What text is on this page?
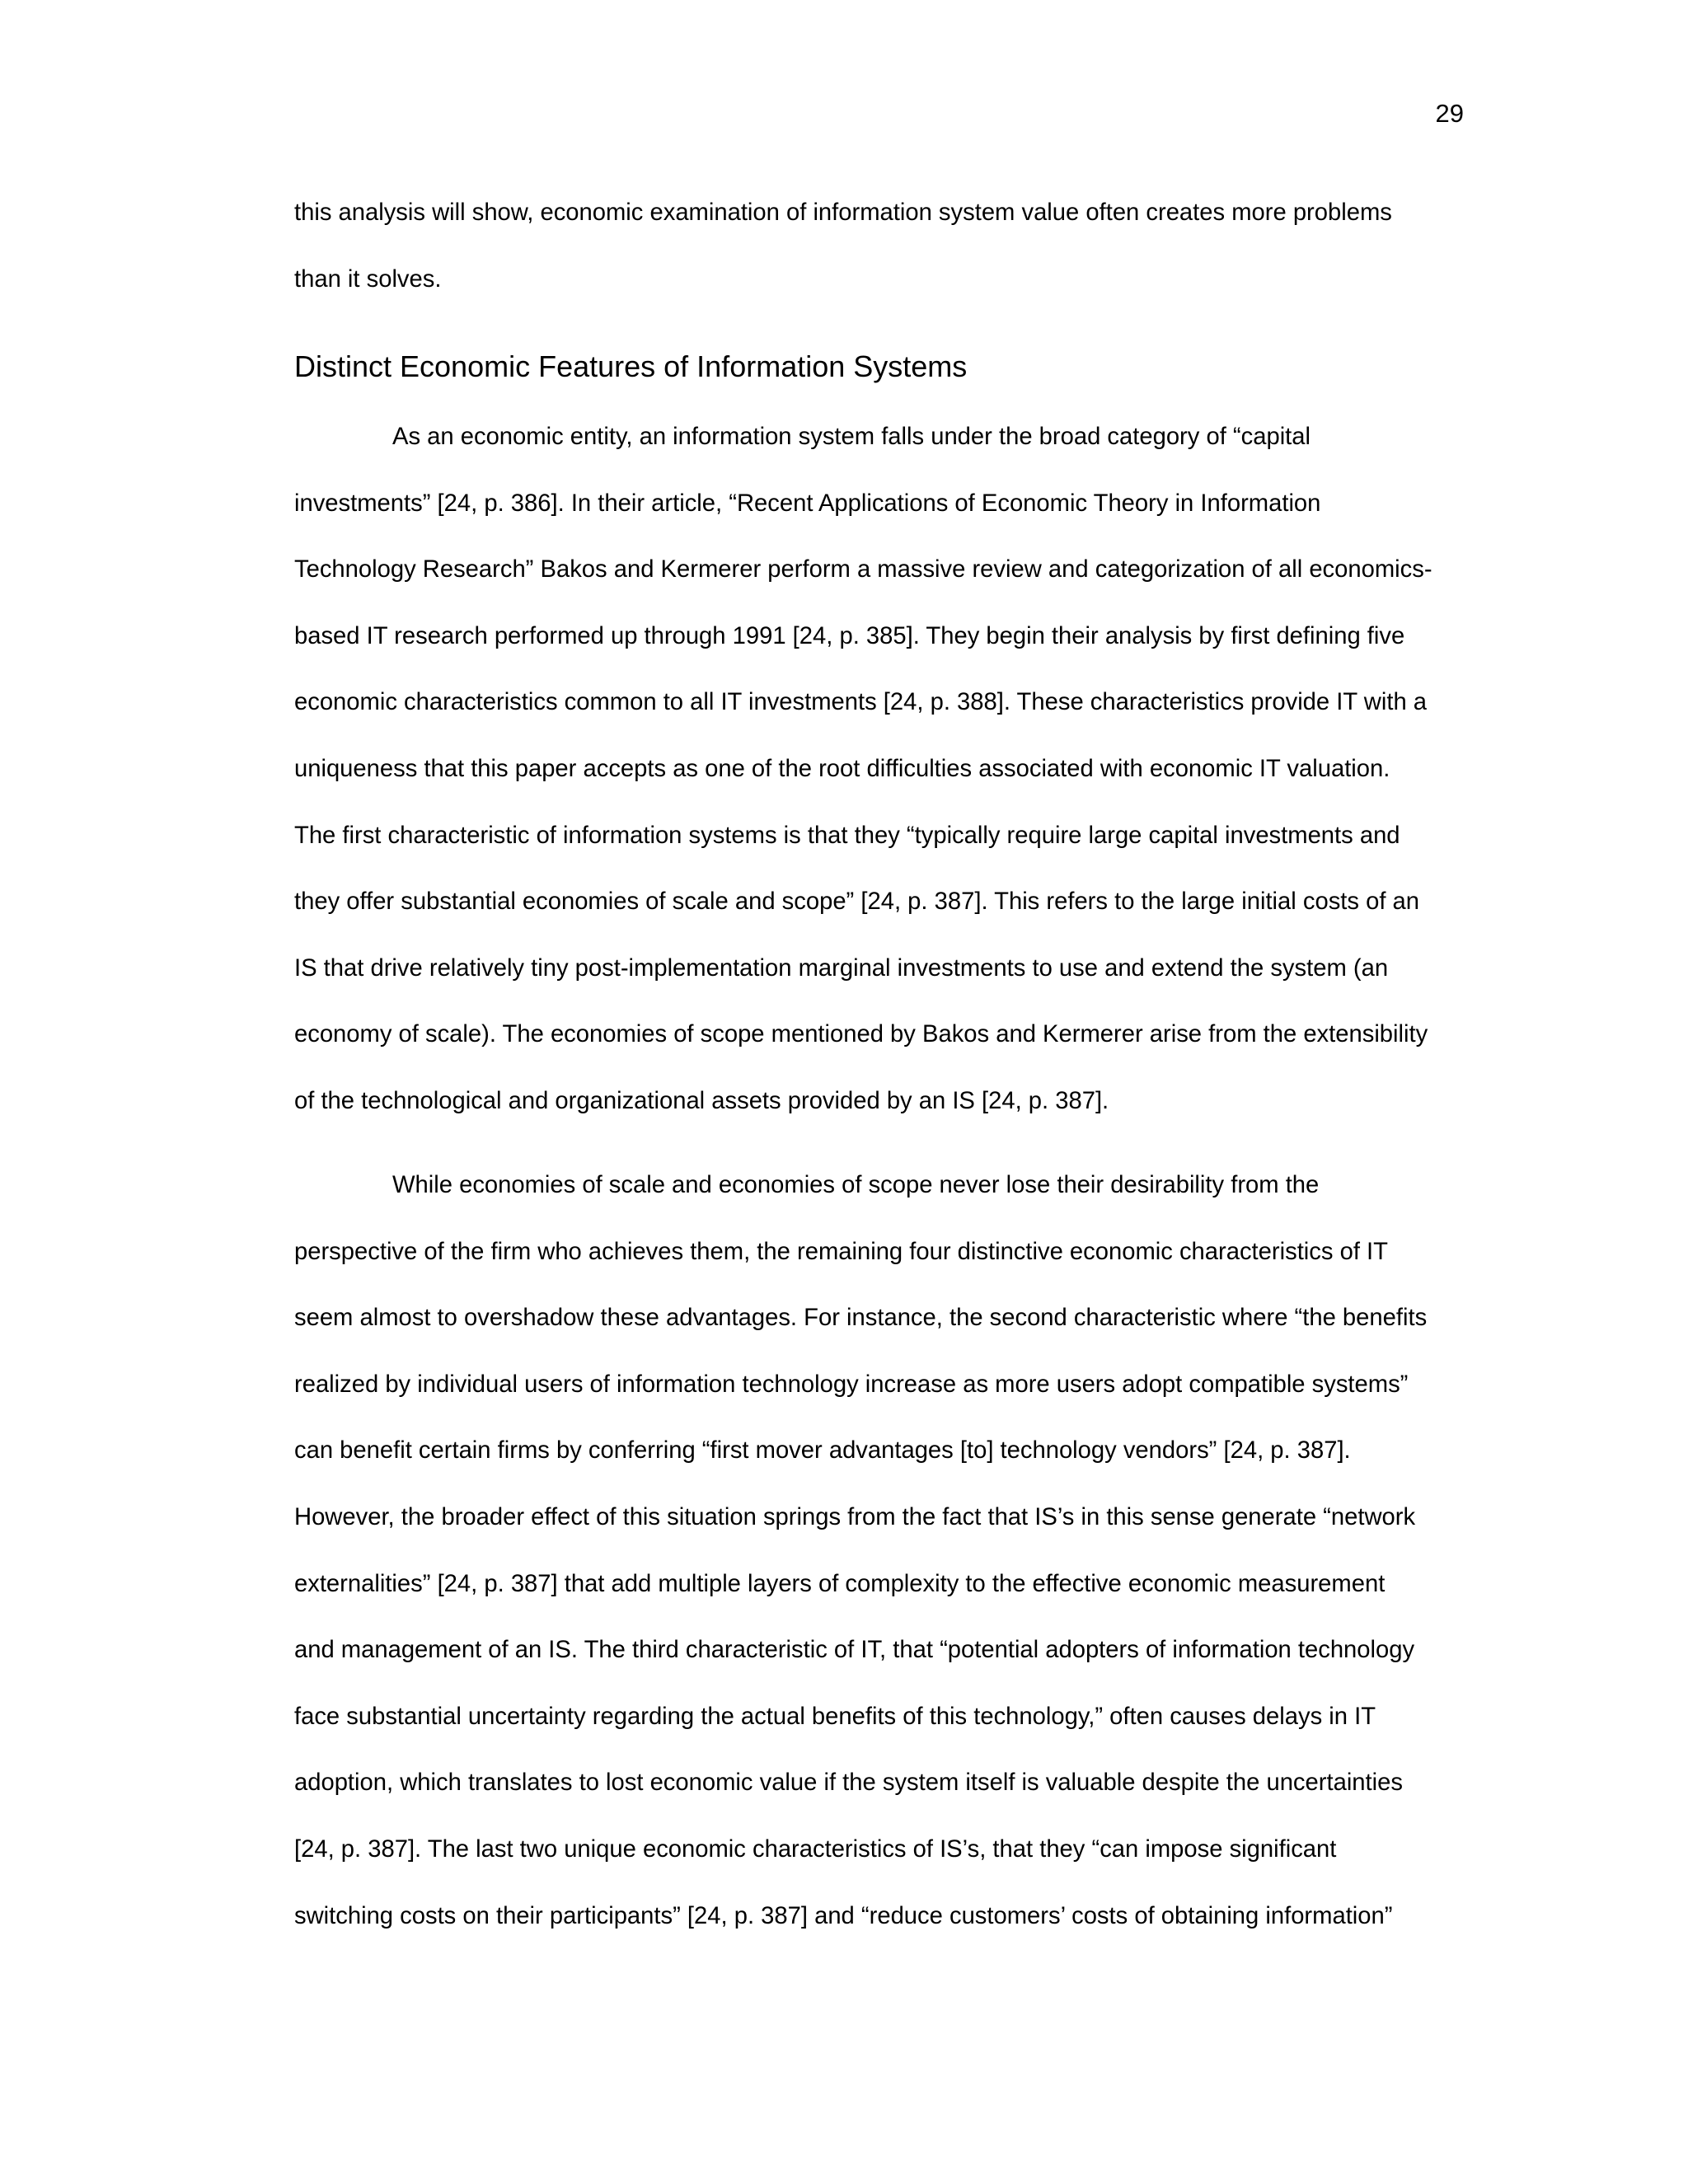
29
this analysis will show, economic examination of information system value often creates more problems
than it solves.
Distinct Economic Features of Information Systems
As an economic entity, an information system falls under the broad category of “capital
investments” [24, p. 386]. In their article, “Recent Applications of Economic Theory in Information
Technology Research” Bakos and Kermerer perform a massive review and categorization of all economics-
based IT research performed up through 1991 [24, p. 385]. They begin their analysis by first defining five
economic characteristics common to all IT investments [24, p. 388]. These characteristics provide IT with a
uniqueness that this paper accepts as one of the root difficulties associated with economic IT valuation.
The first characteristic of information systems is that they “typically require large capital investments and
they offer substantial economies of scale and scope” [24, p. 387]. This refers to the large initial costs of an
IS that drive relatively tiny post-implementation marginal investments to use and extend the system (an
economy of scale). The economies of scope mentioned by Bakos and Kermerer arise from the extensibility
of the technological and organizational assets provided by an IS [24, p. 387].
While economies of scale and economies of scope never lose their desirability from the
perspective of the firm who achieves them, the remaining four distinctive economic characteristics of IT
seem almost to overshadow these advantages. For instance, the second characteristic where “the benefits
realized by individual users of information technology increase as more users adopt compatible systems”
can benefit certain firms by conferring “first mover advantages [to] technology vendors” [24, p. 387].
However, the broader effect of this situation springs from the fact that IS’s in this sense generate “network
externalities” [24, p. 387] that add multiple layers of complexity to the effective economic measurement
and management of an IS. The third characteristic of IT, that “potential adopters of information technology
face substantial uncertainty regarding the actual benefits of this technology,” often causes delays in IT
adoption, which translates to lost economic value if the system itself is valuable despite the uncertainties
[24, p. 387]. The last two unique economic characteristics of IS’s, that they “can impose significant
switching costs on their participants” [24, p. 387] and “reduce customers’ costs of obtaining information”
